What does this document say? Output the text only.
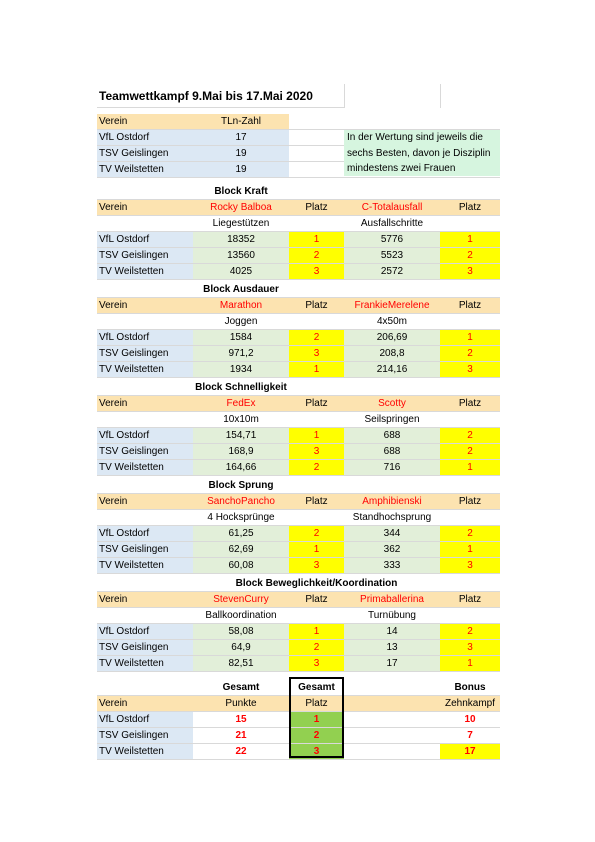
Teamwettkampf 9.Mai bis 17.Mai 2020
Verein	TLn-Zahl
VfL Ostdorf	17
TSV Geislingen	19
TV Weilstetten	19
In der Wertung sind jeweils die
sechs Besten, davon je Disziplin
mindestens zwei Frauen
Block Kraft
Verein	Rocky Balboa	Platz	C-Totalausfall	Platz
Liegestützen	Ausfallschritte
VfL Ostdorf	18352	1	5776	1
TSV Geislingen	13560	2	5523	2
TV Weilstetten	4025	3	2572	3
Block Ausdauer
Verein	Marathon	Platz	FrankieMerelene	Platz
Joggen	4x50m
VfL Ostdorf	1584	2	206,69	1
TSV Geislingen	971,2	3	208,8	2
TV Weilstetten	1934	1	214,16	3
Block Schnelligkeit
Verein	FedEx	Platz	Scotty	Platz
10x10m	Seilspringen
VfL Ostdorf	154,71	1	688	2
TSV Geislingen	168,9	3	688	2
TV Weilstetten	164,66	2	716	1
Block Sprung
Verein	SanchoPancho	Platz	Amphibienski	Platz
4 Hocksprünge	Standhochsprung
VfL Ostdorf	61,25	2	344	2
TSV Geislingen	62,69	1	362	1
TV Weilstetten	60,08	3	333	3
Block Beweglichkeit/Koordination
Verein	StevenCurry	Platz	Primaballerina	Platz
Ballkoordination	Turnübung
VfL Ostdorf	58,08	1	14	2
TSV Geislingen	64,9	2	13	3
TV Weilstetten	82,51	3	17	1
Gesamt	Gesamt	Bonus
Verein	Punkte	Platz	Zehnkampf
VfL Ostdorf	15	1	10
TSV Geislingen	21	2	7
TV Weilstetten	22	3	17
